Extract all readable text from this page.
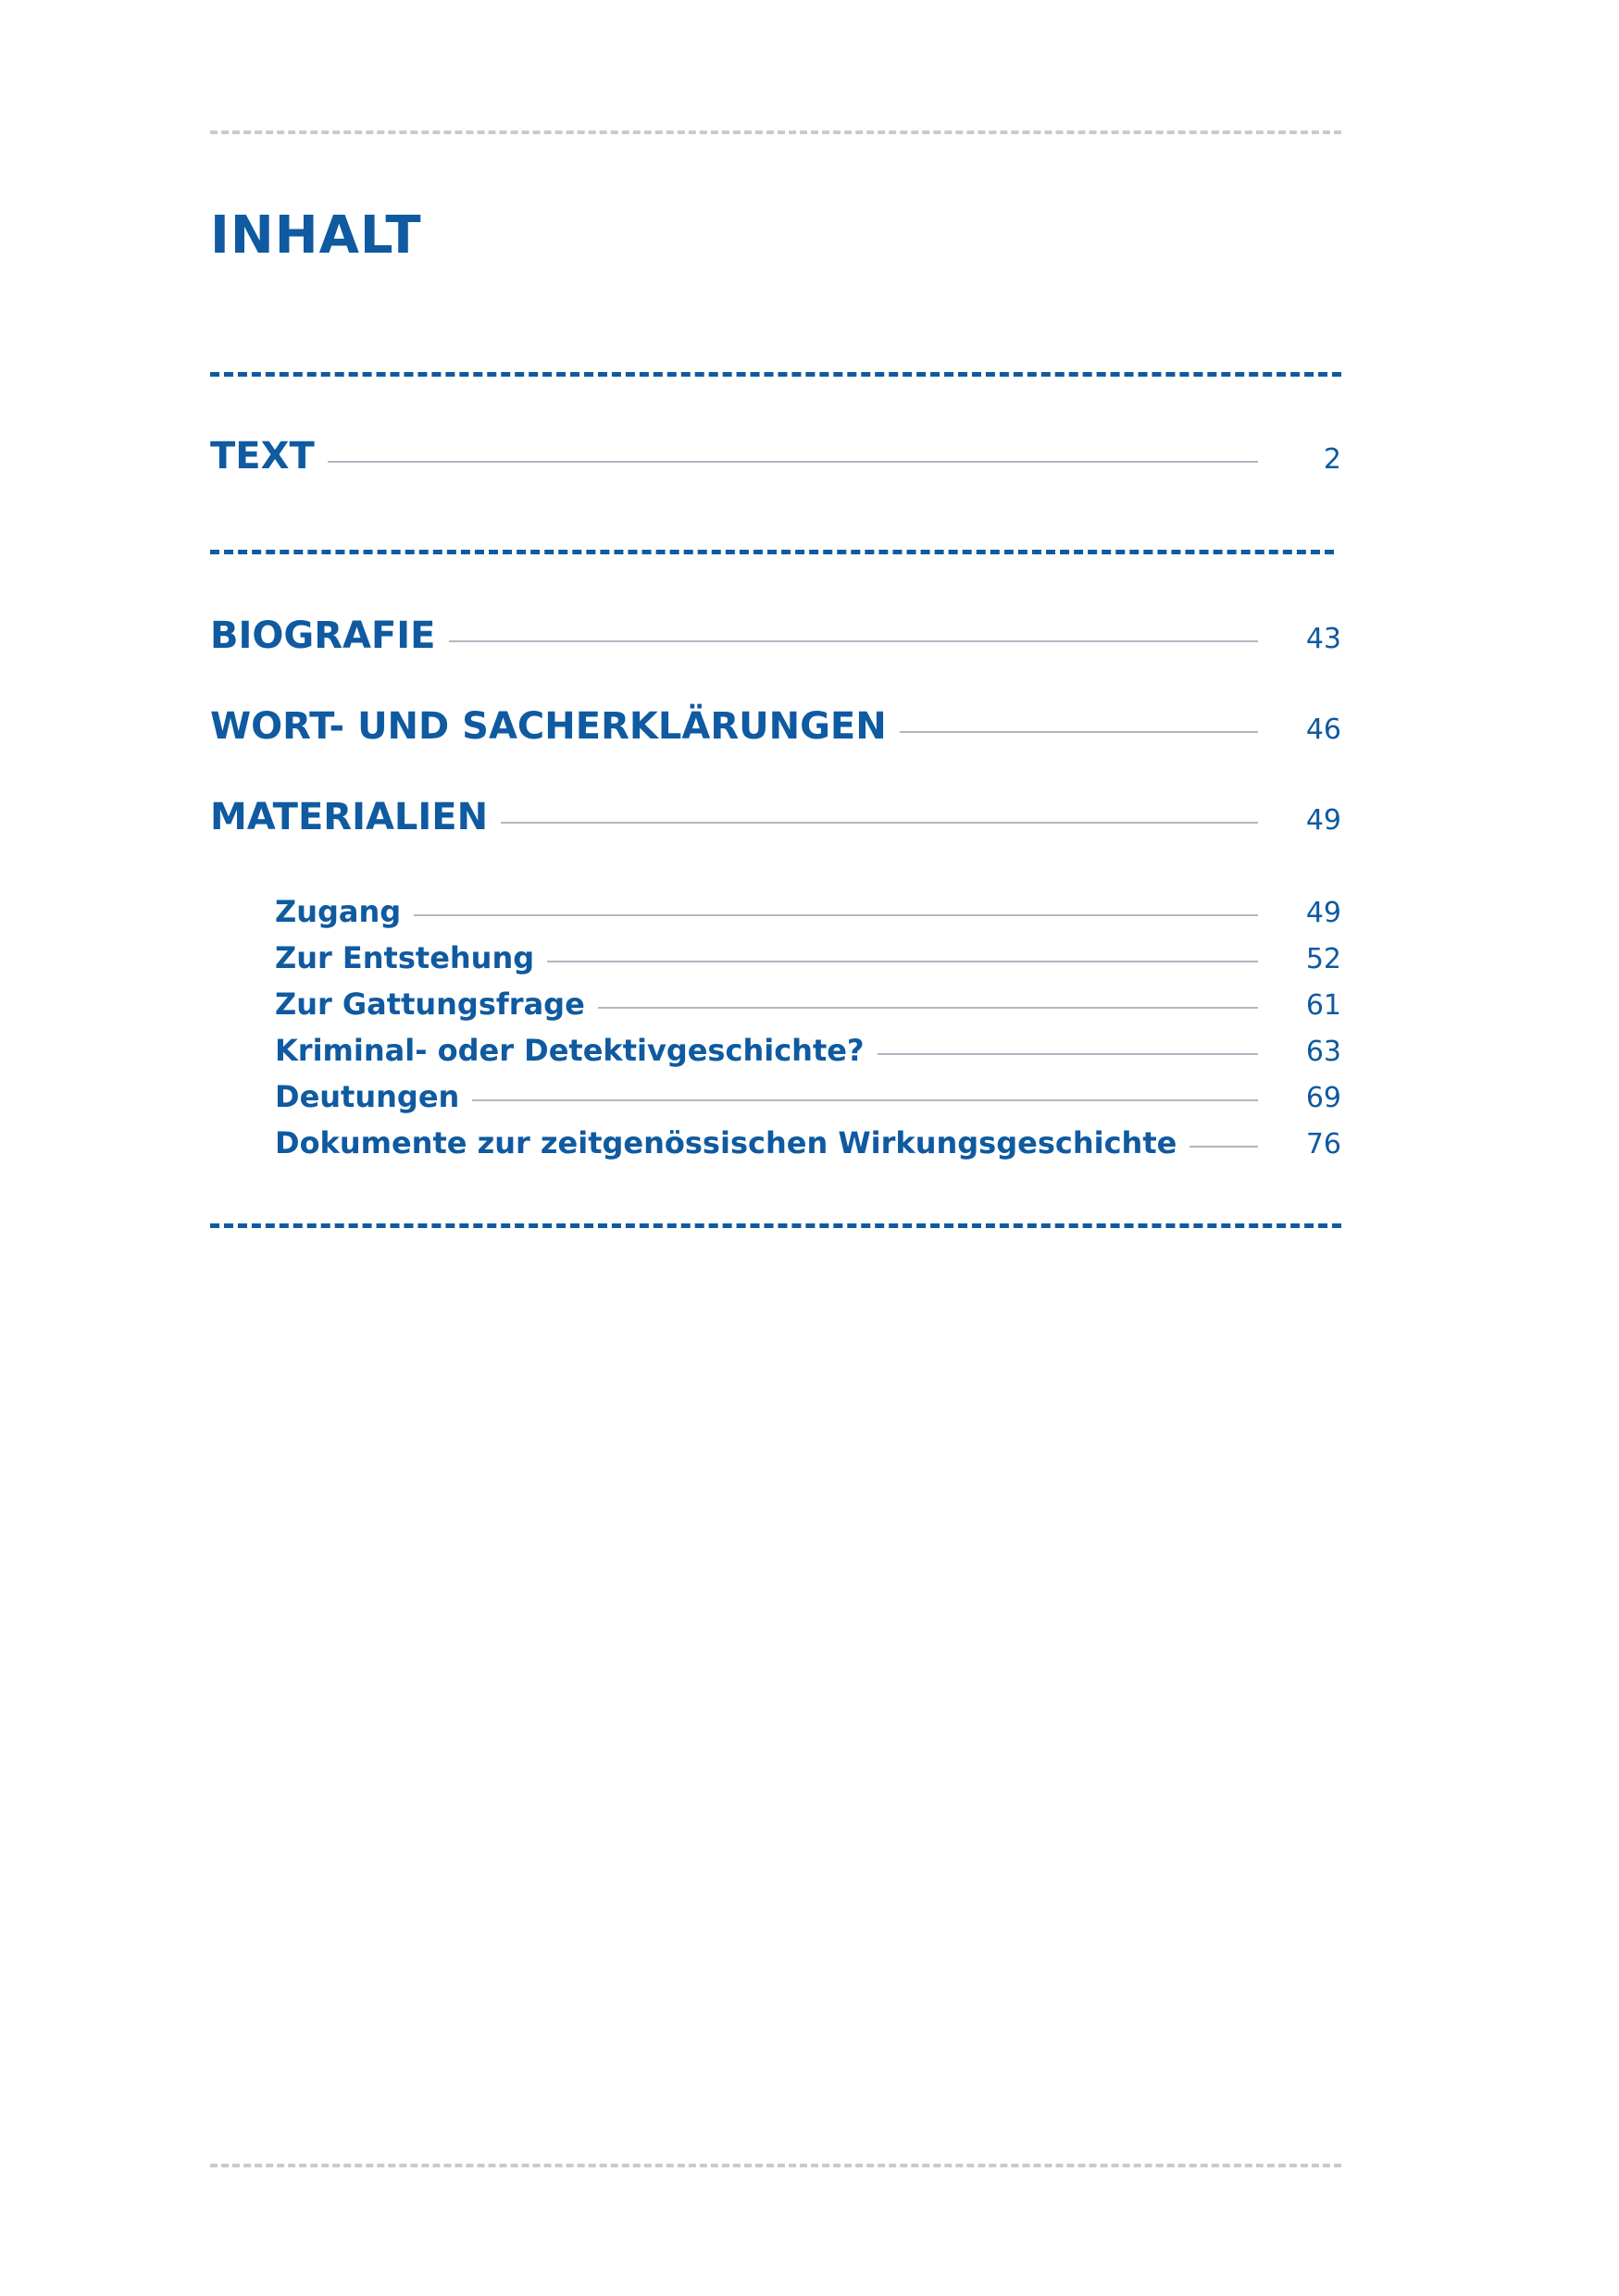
INHALT
TEXT	2
BIOGRAFIE	43
WORT- UND SACHERKLÄRUNGEN	46
MATERIALIEN	49
Zugang	49
Zur Entstehung	52
Zur Gattungsfrage	61
Kriminal- oder Detektivgeschichte?	63
Deutungen	69
Dokumente zur zeitgenössischen Wirkungsgeschichte	76
